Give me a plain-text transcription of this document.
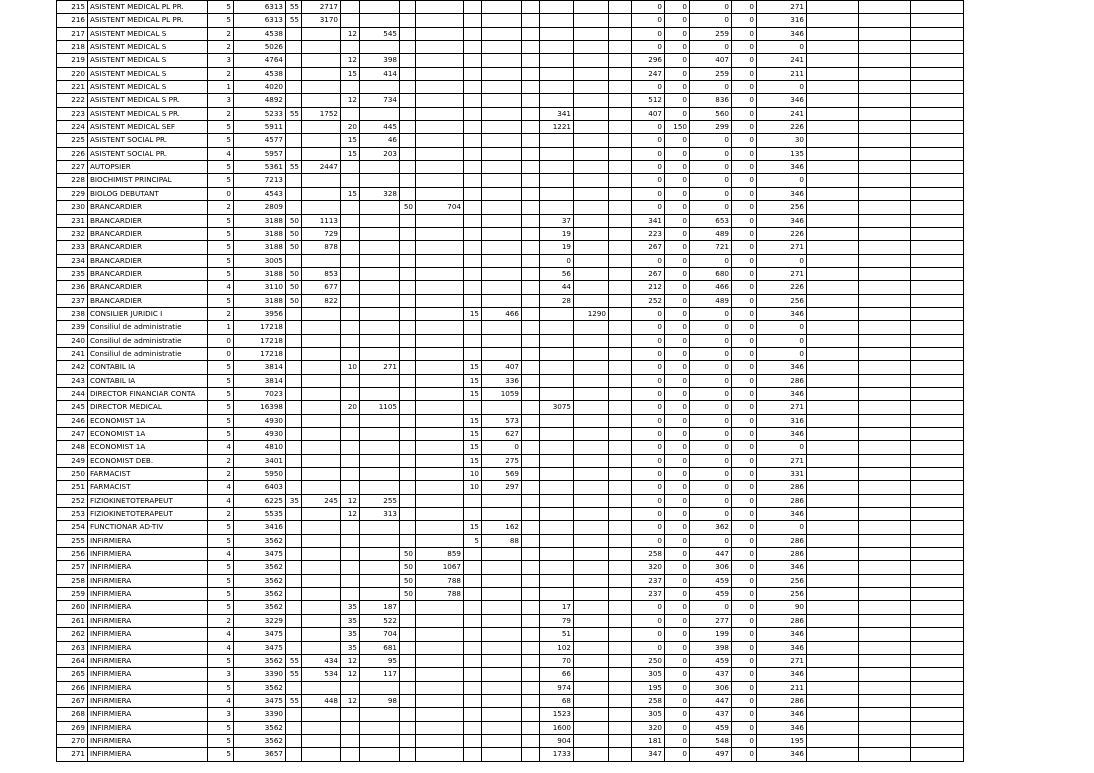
215	ASISTENT MEDICAL PL PR.	5	6313	55	2717											0	0	0	0	271			
216	ASISTENT MEDICAL PL PR.	5	6313	55	3170											0	0	0	0	316			
217	ASISTENT MEDICAL S	2	4538			12	545									0	0	259	0	346			
218	ASISTENT MEDICAL S	2	5026													0	0	0	0	0			
219	ASISTENT MEDICAL S	3	4764			12	398									296	0	407	0	241			
220	ASISTENT MEDICAL S	2	4538			15	414									247	0	259	0	211			
221	ASISTENT MEDICAL S	1	4020													0	0	0	0	0			
222	ASISTENT MEDICAL S PR.	3	4892			12	734									512	0	836	0	346			
223	ASISTENT MEDICAL S PR.	2	5233	55	1752								341			407	0	560	0	241			
224	ASISTENT MEDICAL SEF	5	5911			20	445						1221			0	150	299	0	226			
225	ASISTENT SOCIAL PR.	5	4577			15	46									0	0	0	0	30			
226	ASISTENT SOCIAL PR.	4	5957			15	203									0	0	0	0	135			
227	AUTOPSIER	5	5361	55	2447											0	0	0	0	346			
228	BIOCHIMIST PRINCIPAL	5	7213													0	0	0	0	0			
229	BIOLOG DEBUTANT	0	4543			15	328									0	0	0	0	346			
230	BRANCARDIER	2	2809					50	704							0	0	0	0	256			
231	BRANCARDIER	5	3188	50	1113								37			341	0	653	0	346			
232	BRANCARDIER	5	3188	50	729								19			223	0	489	0	226			
233	BRANCARDIER	5	3188	50	878								19			267	0	721	0	271			
234	BRANCARDIER	5	3005										0			0	0	0	0	0			
235	BRANCARDIER	5	3188	50	853								56			267	0	680	0	271			
236	BRANCARDIER	4	3110	50	677								44			212	0	466	0	226			
237	BRANCARDIER	5	3188	50	822								28			252	0	489	0	256			
238	CONSILIER JURIDIC I	2	3956							15	466			1290		0	0	0	0	346			
239	Consiliul de administratie	1	17218													0	0	0	0	0			
240	Consiliul de administratie	0	17218													0	0	0	0	0			
241	Consiliul de administratie	0	17218													0	0	0	0	0			
242	CONTABIL IA	5	3814			10	271			15	407					0	0	0	0	346			
243	CONTABIL IA	5	3814							15	336					0	0	0	0	286			
244	DIRECTOR FINANCIAR CONTA	5	7023							15	1059					0	0	0	0	346			
245	DIRECTOR MEDICAL	5	16398			20	1105						3075			0	0	0	0	271			
246	ECONOMIST 1A	5	4930							15	573					0	0	0	0	316			
247	ECONOMIST 1A	5	4930							15	627					0	0	0	0	346			
248	ECONOMIST 1A	4	4810							15	0					0	0	0	0	0			
249	ECONOMIST DEB.	2	3401							15	275					0	0	0	0	271			
250	FARMACIST	2	5950							10	569					0	0	0	0	331			
251	FARMACIST	4	6403							10	297					0	0	0	0	286			
252	FIZIOKINETOTERAPEUT	4	6225	35	245	12	255									0	0	0	0	286			
253	FIZIOKINETOTERAPEUT	2	5535			12	313									0	0	0	0	346			
254	FUNCTIONAR AD-TIV	5	3416							15	162					0	0	362	0	0			
255	INFIRMIERA	5	3562							5	88					0	0	0	0	286			
256	INFIRMIERA	4	3475					50	859							258	0	447	0	286			
257	INFIRMIERA	5	3562					50	1067							320	0	306	0	346			
258	INFIRMIERA	5	3562					50	788							237	0	459	0	256			
259	INFIRMIERA	5	3562					50	788							237	0	459	0	256			
260	INFIRMIERA	5	3562			35	187						17			0	0	0	0	90			
261	INFIRMIERA	2	3229			35	522						79			0	0	277	0	286			
262	INFIRMIERA	4	3475			35	704						51			0	0	199	0	346			
263	INFIRMIERA	4	3475			35	681						102			0	0	398	0	346			
264	INFIRMIERA	5	3562	55	434	12	95						70			250	0	459	0	271			
265	INFIRMIERA	3	3390	55	534	12	117						66			305	0	437	0	346			
266	INFIRMIERA	5	3562										974			195	0	306	0	211			
267	INFIRMIERA	4	3475	55	448	12	98						68			258	0	447	0	286			
268	INFIRMIERA	3	3390										1523			305	0	437	0	346			
269	INFIRMIERA	5	3562										1600			320	0	459	0	346			
270	INFIRMIERA	5	3562										904			181	0	548	0	195			
271	INFIRMIERA	5	3657										1733			347	0	497	0	346			
